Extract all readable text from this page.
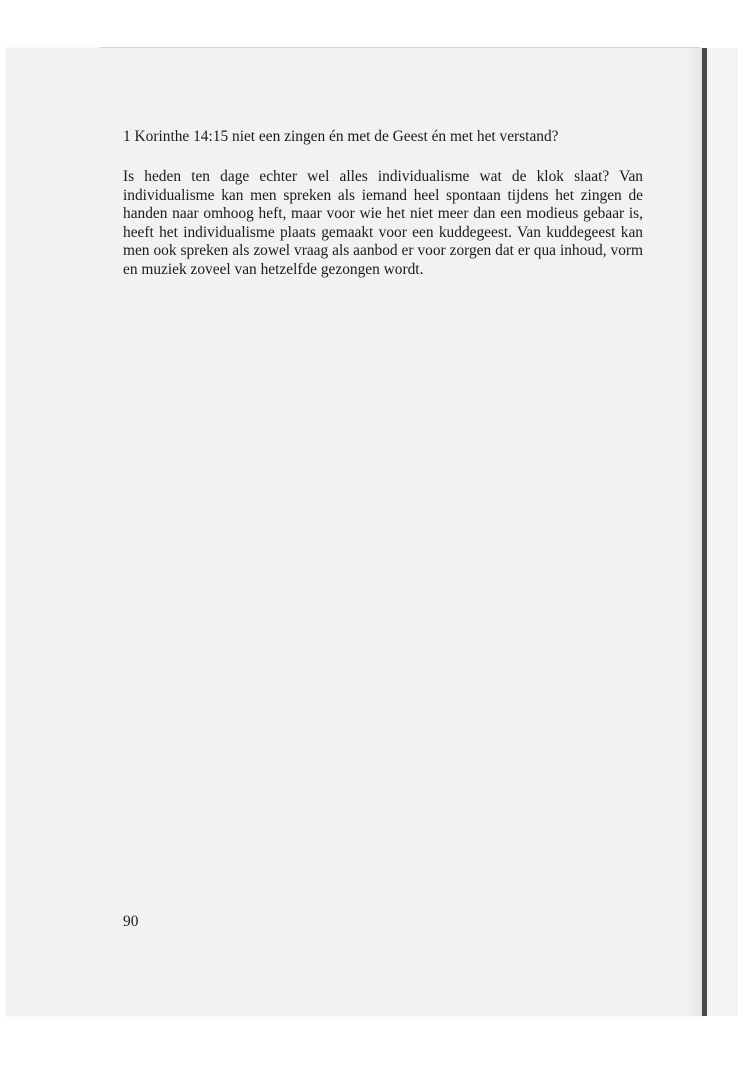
1 Korinthe 14:15 niet een zingen én met de Geest én met het verstand?

Is heden ten dage echter wel alles individualisme wat de klok slaat? Van individualisme kan men spreken als iemand heel spontaan tijdens het zingen de handen naar omhoog heft, maar voor wie het niet meer dan een modieus gebaar is, heeft het individualisme plaats gemaakt voor een kuddegeest. Van kuddegeest kan men ook spreken als zowel vraag als aanbod er voor zorgen dat er qua inhoud, vorm en muziek zoveel van hetzelfde gezongen wordt.

90
